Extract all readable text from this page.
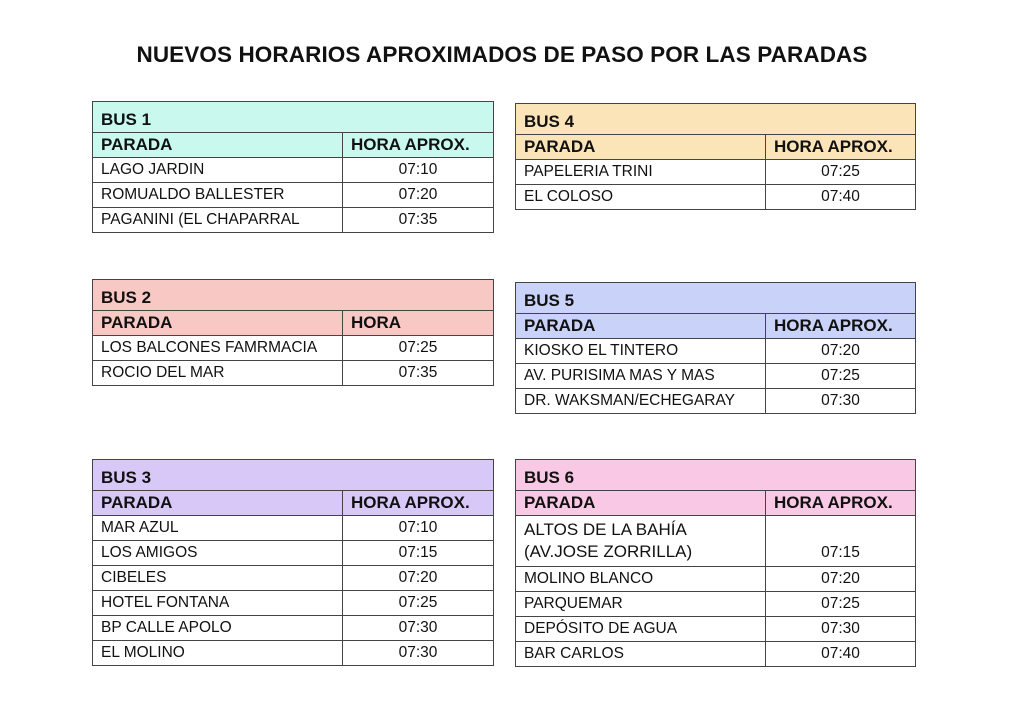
NUEVOS HORARIOS APROXIMADOS DE PASO POR LAS PARADAS
BUS 1	
PARADA	HORA APROX.
LAGO JARDIN	07:10
ROMUALDO BALLESTER	07:20
PAGANINI (EL CHAPARRAL	07:35
BUS 2	
PARADA	HORA
LOS BALCONES FAMRMACIA	07:25
ROCIO DEL MAR	07:35
BUS 3	
PARADA	HORA APROX.
MAR AZUL	07:10
LOS AMIGOS	07:15
CIBELES	07:20
HOTEL FONTANA	07:25
BP CALLE APOLO	07:30
EL MOLINO	07:30
BUS 4	
PARADA	HORA APROX.
PAPELERIA TRINI	07:25
EL COLOSO	07:40
BUS 5	
PARADA	HORA APROX.
KIOSKO EL TINTERO	07:20
AV. PURISIMA MAS Y MAS	07:25
DR. WAKSMAN/ECHEGARAY	07:30
BUS 6	
PARADA	HORA APROX.

ALTOS DE LA BAHÍA
(AV.JOSE ZORRILLA)	07:15
MOLINO BLANCO	07:20
PARQUEMAR	07:25
DEPÓSITO DE AGUA	07:30
BAR CARLOS	07:40
